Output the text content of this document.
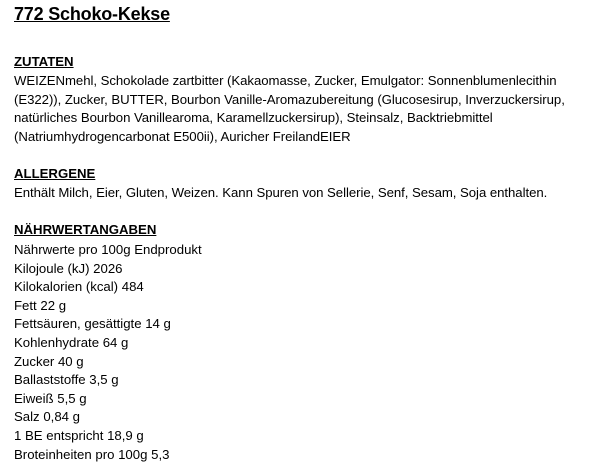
772 Schoko-Kekse
ZUTATEN
WEIZENmehl, Schokolade zartbitter (Kakaomasse, Zucker, Emulgator: Sonnenblumenlecithin (E322)), Zucker, BUTTER, Bourbon Vanille-Aromazubereitung (Glucosesirup, Inverzuckersirup, natürliches Bourbon Vanillearoma, Karamellzuckersirup), Steinsalz, Backtriebmittel (Natriumhydrogencarbonat E500ii), Auricher FreilandEIER
ALLERGENE
Enthält Milch, Eier, Gluten, Weizen. Kann Spuren von Sellerie, Senf, Sesam, Soja enthalten.
NÄHRWERTANGABEN
Nährwerte pro 100g Endprodukt
Kilojoule (kJ) 2026
Kilokalorien (kcal) 484
Fett 22 g
Fettsäuren, gesättigte 14 g
Kohlenhydrate 64 g
Zucker 40 g
Ballaststoffe 3,5 g
Eiweiß 5,5 g
Salz 0,84 g
1 BE entspricht 18,9 g
Broteinheiten pro 100g 5,3
